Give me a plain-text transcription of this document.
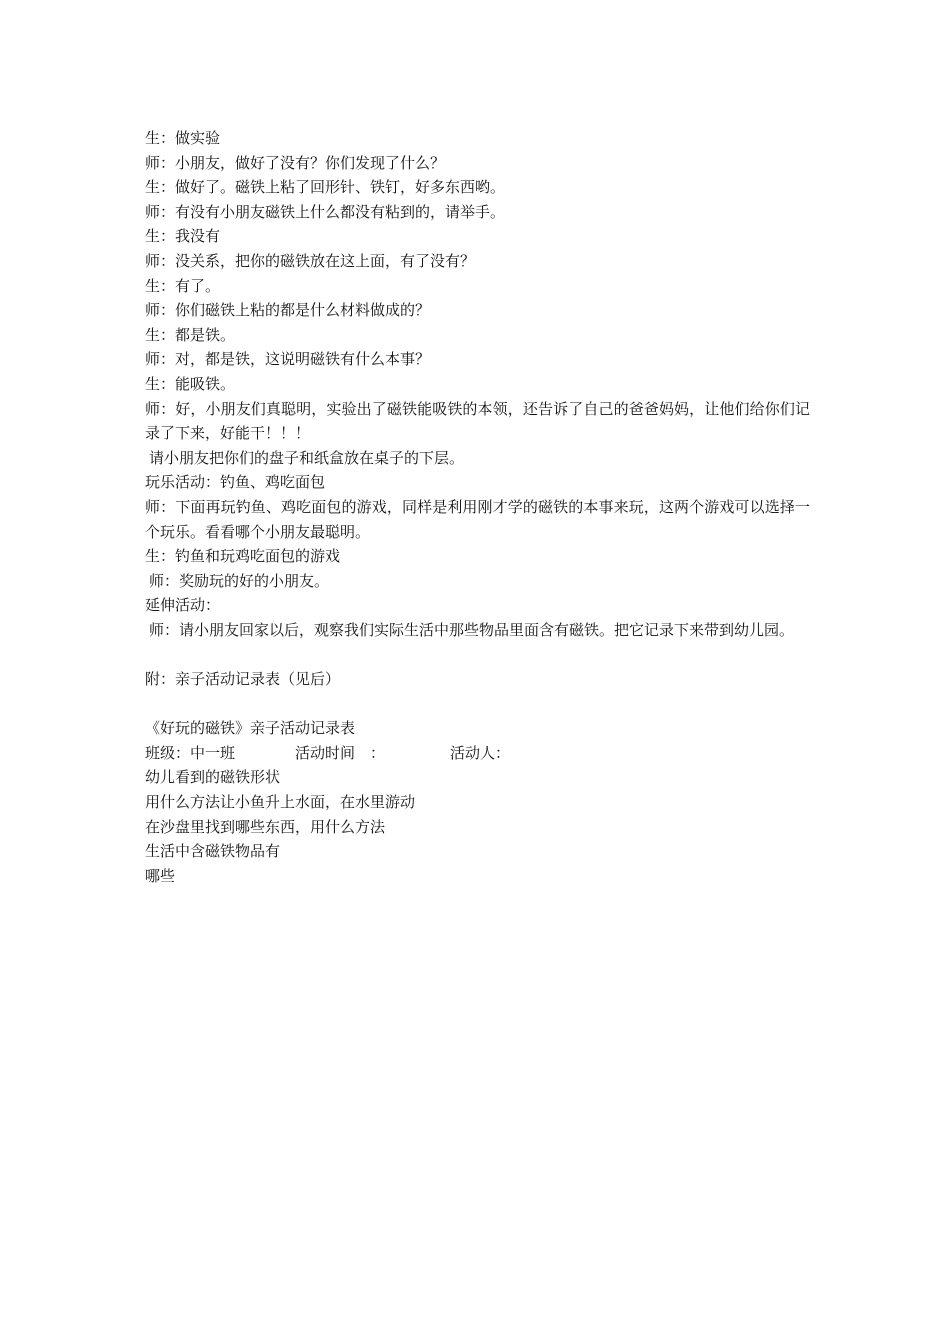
生：做实验

师：小朋友，做好了没有？你们发现了什么？

生：做好了。磁铁上粘了回形针、铁钉，好多东西哟。

师：有没有小朋友磁铁上什么都没有粘到的，请举手。

生：我没有

师：没关系，把你的磁铁放在这上面，有了没有？

生：有了。

师：你们磁铁上粘的都是什么材料做成的？

生：都是铁。

师：对，都是铁，这说明磁铁有什么本事？

生：能吸铁。

师：好，小朋友们真聪明，实验出了磁铁能吸铁的本领，还告诉了自己的爸爸妈妈，让他们给你们记录了下来，好能干！！！

请小朋友把你们的盘子和纸盒放在桌子的下层。

玩乐活动：钓鱼、鸡吃面包

师：下面再玩钓鱼、鸡吃面包的游戏，同样是利用刚才学的磁铁的本事来玩，这两个游戏可以选择一个玩乐。看看哪个小朋友最聪明。

生：钓鱼和玩鸡吃面包的游戏

师：奖励玩的好的小朋友。

延伸活动：

师：请小朋友回家以后，观察我们实际生活中那些物品里面含有磁铁。把它记录下来带到幼儿园。

附：亲子活动记录表（见后）

《好玩的磁铁》亲子活动记录表

班级：中一班	活动时间　：	活动人：

幼儿看到的磁铁形状

用什么方法让小鱼升上水面，在水里游动

在沙盘里找到哪些东西，用什么方法

生活中含磁铁物品有

哪些
